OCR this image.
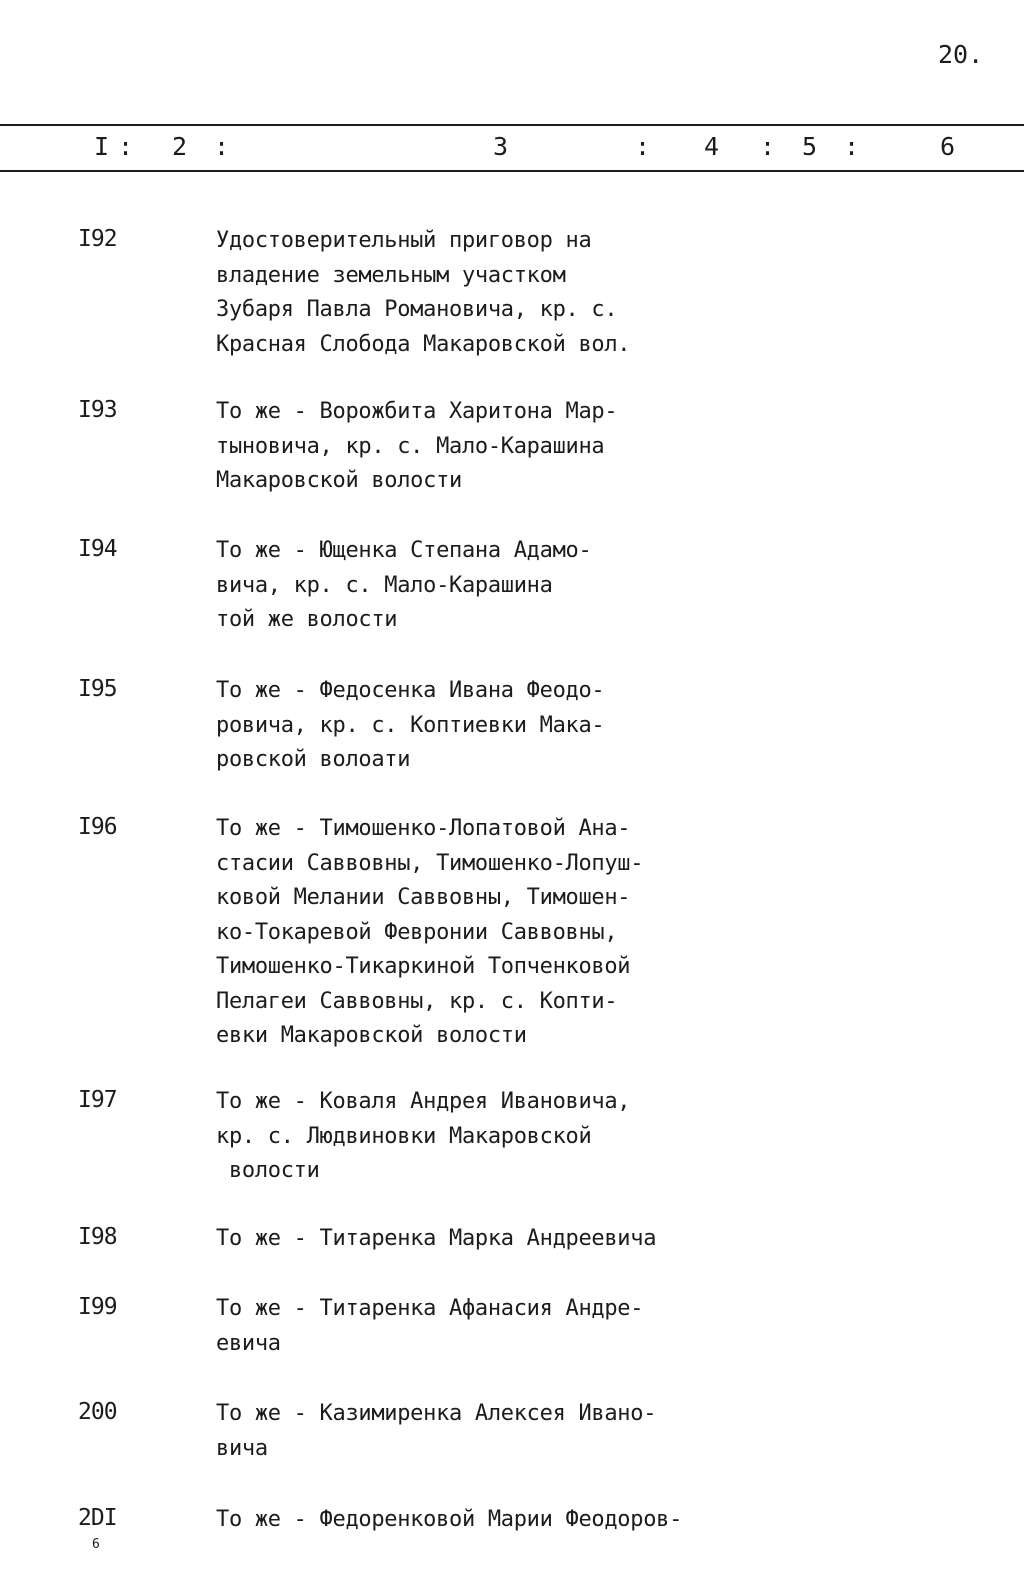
20.
I : 2 :	3	: 4 : 5 :	6
I92	Удостоверительный приговор на
владение земельным участком
Зубаря Павла Романовича, кр. с.
Красная Слобода Макаровской вол.

I93	То же - Ворожбита Харитона Мар-
тыновича, кр. с. Мало-Карашина
Макаровской волости

I94	То же - Ющенка Степана Адамо-
вича, кр. с. Мало-Карашина
той же волости

I95	То же - Федосенка Ивана Феодо-
ровича, кр. с. Коптиевки Мака-
ровской волоати

I96	То же - Тимошенко-Лопатовой Ана-
стасии Саввовны, Тимошенко-Лопуш-
ковой Мелании Саввовны, Тимошен-
ко-Токаревой Февронии Саввовны,
Тимошенко-Тикаркиной Топченковой
Пелагеи Саввовны, кр. с. Копти-
евки Макаровской волости

I97	То же - Коваля Андрея Ивановича,
кр. с. Людвиновки Макаровской
волости

I98	То же - Титаренка Марка Андреевича

I99	То же - Титаренка Афанасия Андре-
евича

200	То же - Казимиренка Алексея Ивано-
вича

2DI	То же - Федоренковой Марии Феодоров-

6
